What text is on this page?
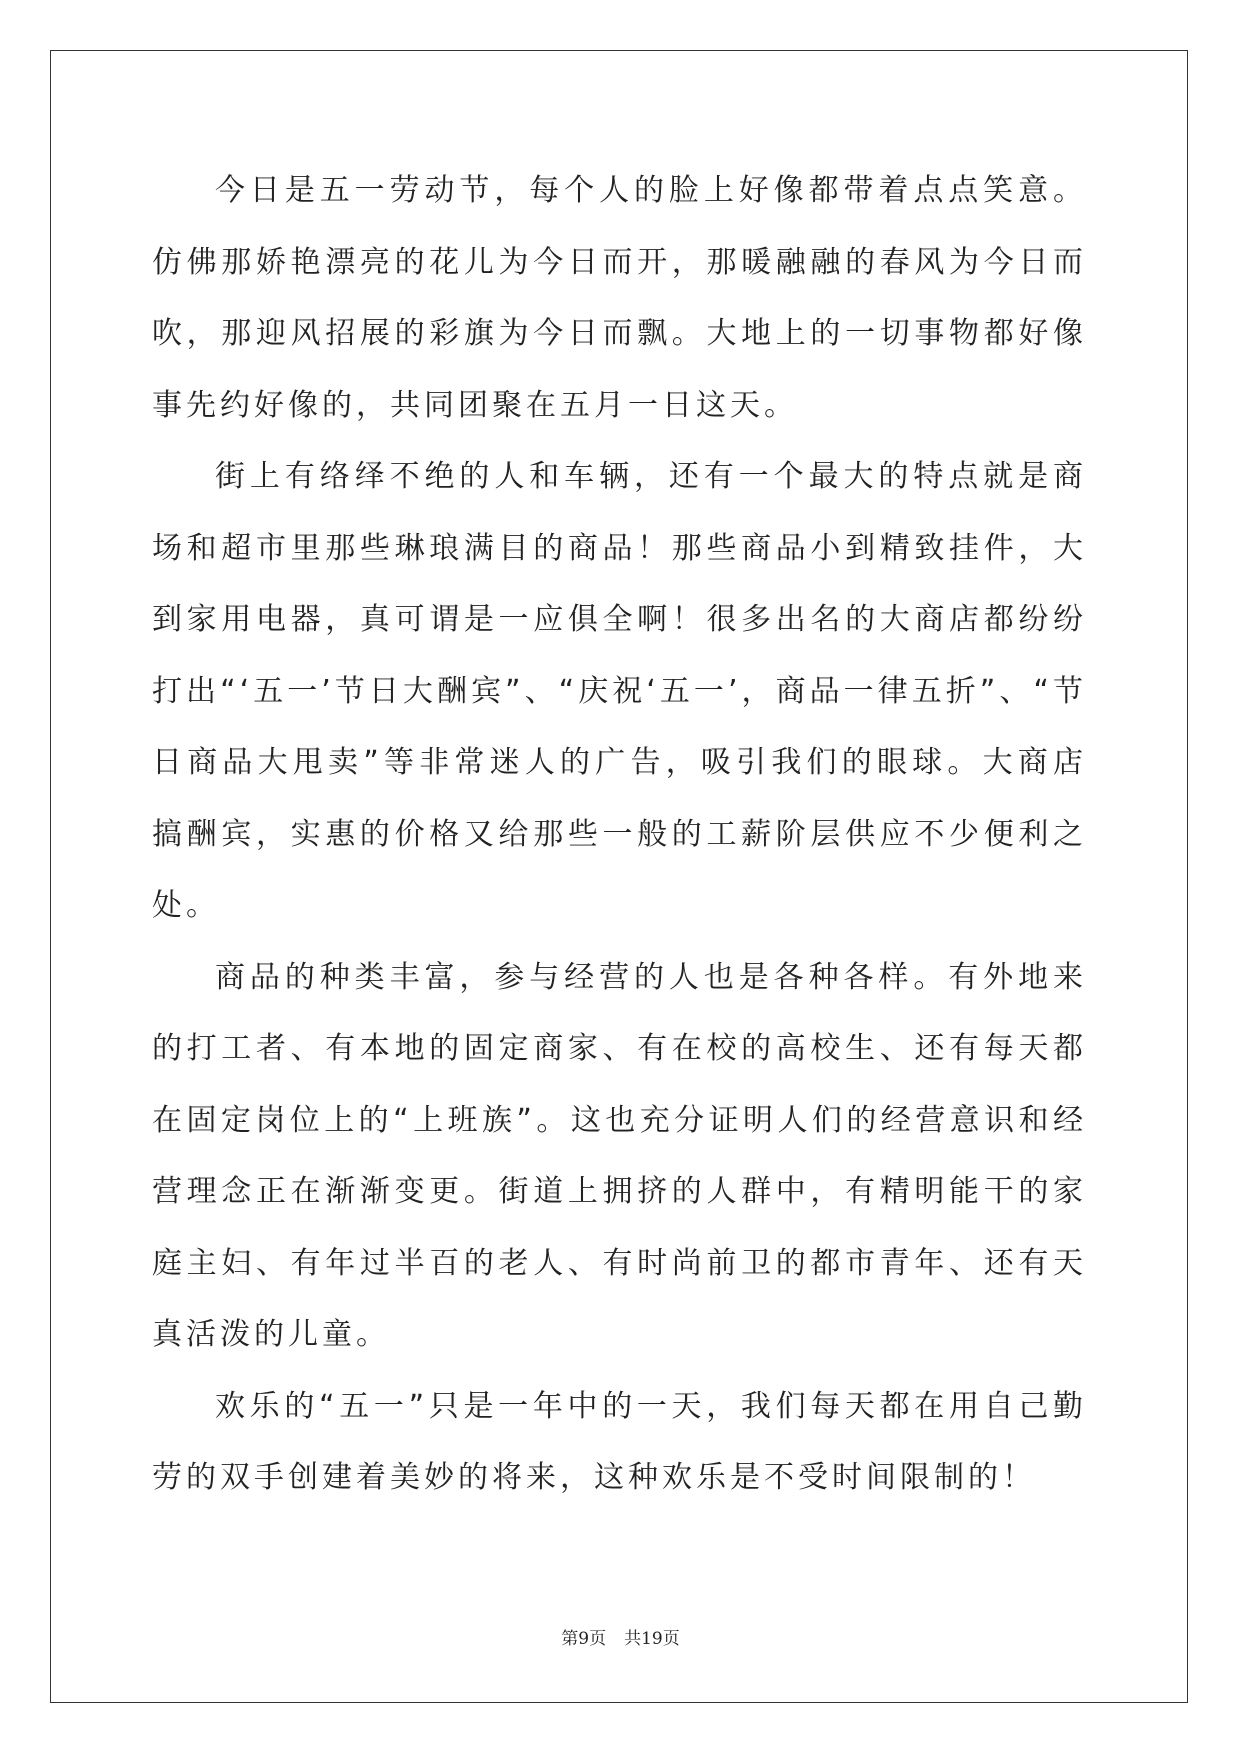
今日是五一劳动节，每个人的脸上好像都带着点点笑意。仿佛那娇艳漂亮的花儿为今日而开，那暖融融的春风为今日而吹，那迎风招展的彩旗为今日而飘。大地上的一切事物都好像事先约好像的，共同团聚在五月一日这天。

街上有络绎不绝的人和车辆，还有一个最大的特点就是商场和超市里那些琳琅满目的商品！那些商品小到精致挂件，大到家用电器，真可谓是一应俱全啊！很多出名的大商店都纷纷打出“‘五一’节日大酬宾”、“庆祝‘五一’，商品一律五折”、“节日商品大甩卖”等非常迷人的广告，吸引我们的眼球。大商店搞酬宾，实惠的价格又给那些一般的工薪阶层供应不少便利之处。

商品的种类丰富，参与经营的人也是各种各样。有外地来的打工者、有本地的固定商家、有在校的高校生、还有每天都在固定岗位上的“上班族”。这也充分证明人们的经营意识和经营理念正在渐渐变更。街道上拥挤的人群中，有精明能干的家庭主妇、有年过半百的老人、有时尚前卫的都市青年、还有天真活泼的儿童。

欢乐的“五一”只是一年中的一天，我们每天都在用自己勤劳的双手创建着美妙的将来，这种欢乐是不受时间限制的！

第9页 共19页
